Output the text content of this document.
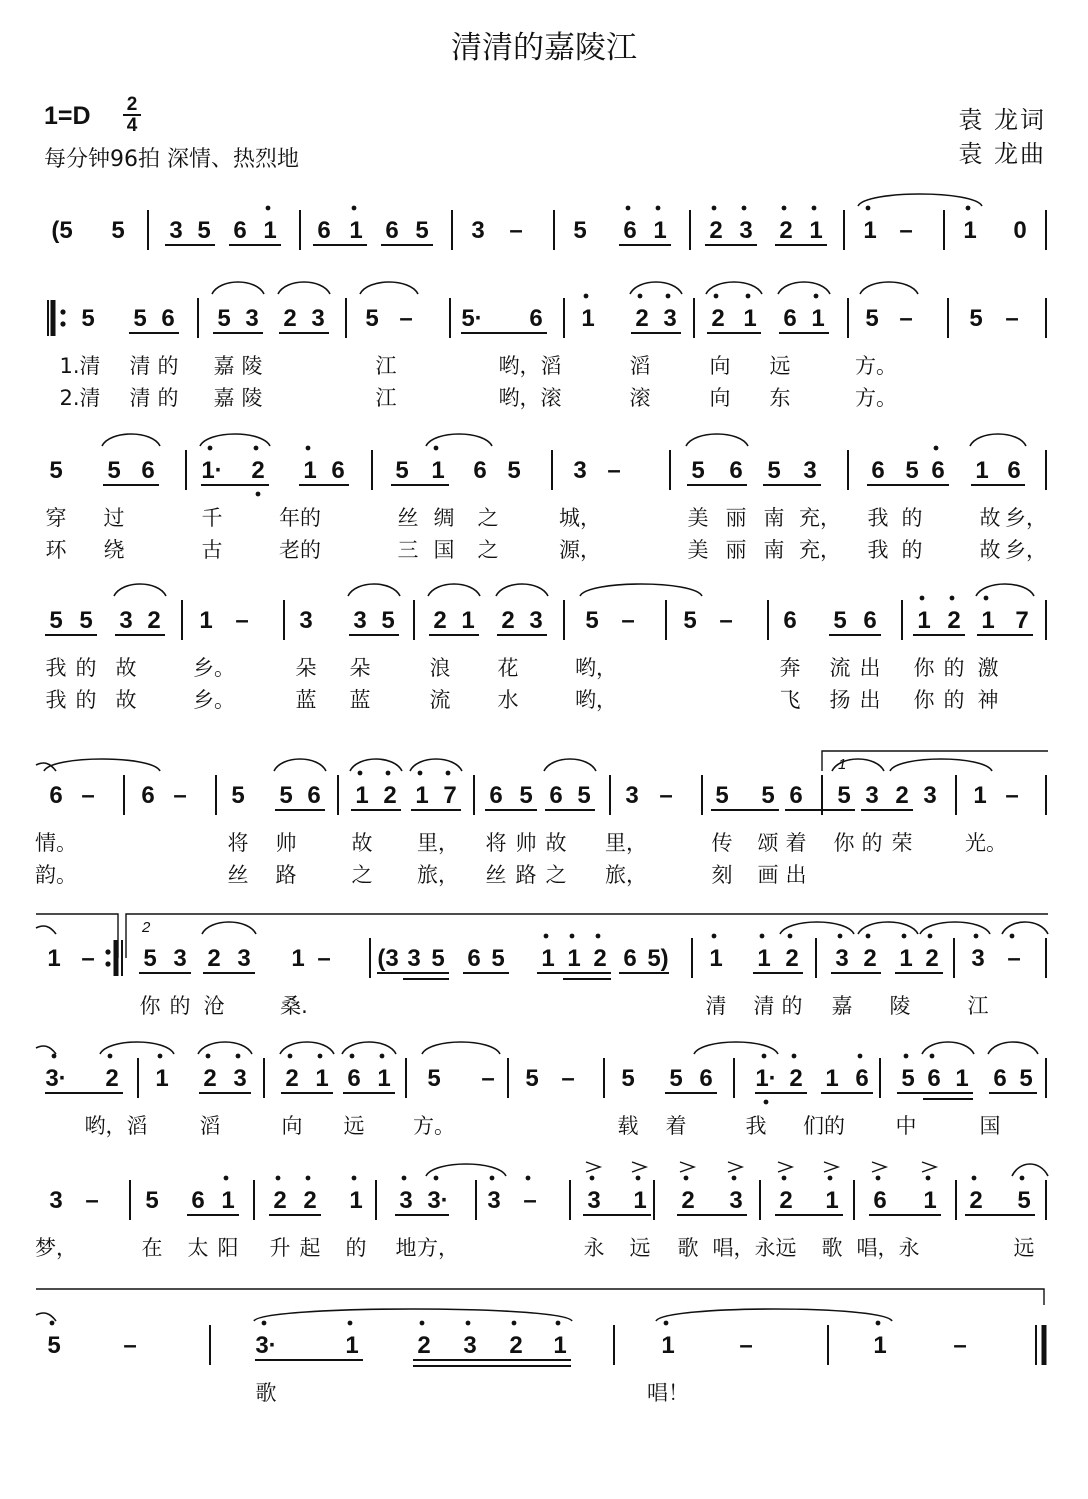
清清的嘉陵江
1=D	2
4
每分钟96拍 深情、热烈地
袁 龙词
袁 龙曲
(5 5 3 5 6 1 6 1 6 5 3 – 5 6 1 2 3 2 1 1 – 1 0
5 5 6 5 3 2 3 5 – 5· 6 1 2 3 2 1 6 1 5 – 5 –
1.清 清 的 嘉 陵	江	哟，滔	滔	向 远	方。
2.清 清 的 嘉 陵	江	哟，滚	滚	向 东	方。
5 5 6 1· 2 1 6 5 1 6 5 3 –	5 6 5 3 6 5 6 1 6
穿 过	千	年的	丝 绸 之	城，	美 丽 南 充， 我 的	故 乡，
环 绕	古	老的	三 国 之	源，	美 丽 南 充， 我 的	故 乡，
5 5 3 2 1 – 3 3 5 2 1 2 3 5 – 5 – 6 5 6 1 2 1 7
我 的 故	乡。	朵 朵	浪 花	哟，	奔 流 出 你 的 激
我 的 故	乡。	蓝 蓝	流 水	哟，	飞 扬 出 你 的 神
6 – 6 – 5 5 6 1 2 1 7 6 5 6 5 3 – 5 5 6 5 3 2 3 1 –
情。	将 帅	故 里， 将 帅 故 里，	传 颂 着 你 的 荣	光。
韵。	丝 路	之 旅， 丝 路 之 旅，	刻 画 出
1 – 5 3 2 3 1 – (3 3 5 6 5 1 1 2 6 5) 1 1 2 3 2 1 2 3 –
你 的 沧	桑.	清 清 的 嘉 陵	江
3· 2 1 2 3 2 1 6 1 5 – 5 – 5 5 6 1· 2 1 6 5 6 1 6 5
哟，滔 滔	向 远 方。	载 着	我 们的 中	国
3 – 5 6 1 2 2 1 3 3· 3 – 3 1 2 3 2 1 6 1 2 5
梦，	在 太 阳 升 起 的 地 方，	永 远 歌 唱，永 远 歌 唱，永	远
5	–	3·	1 2 3 2 1	1	–	1	–
歌	唱！
1
2
